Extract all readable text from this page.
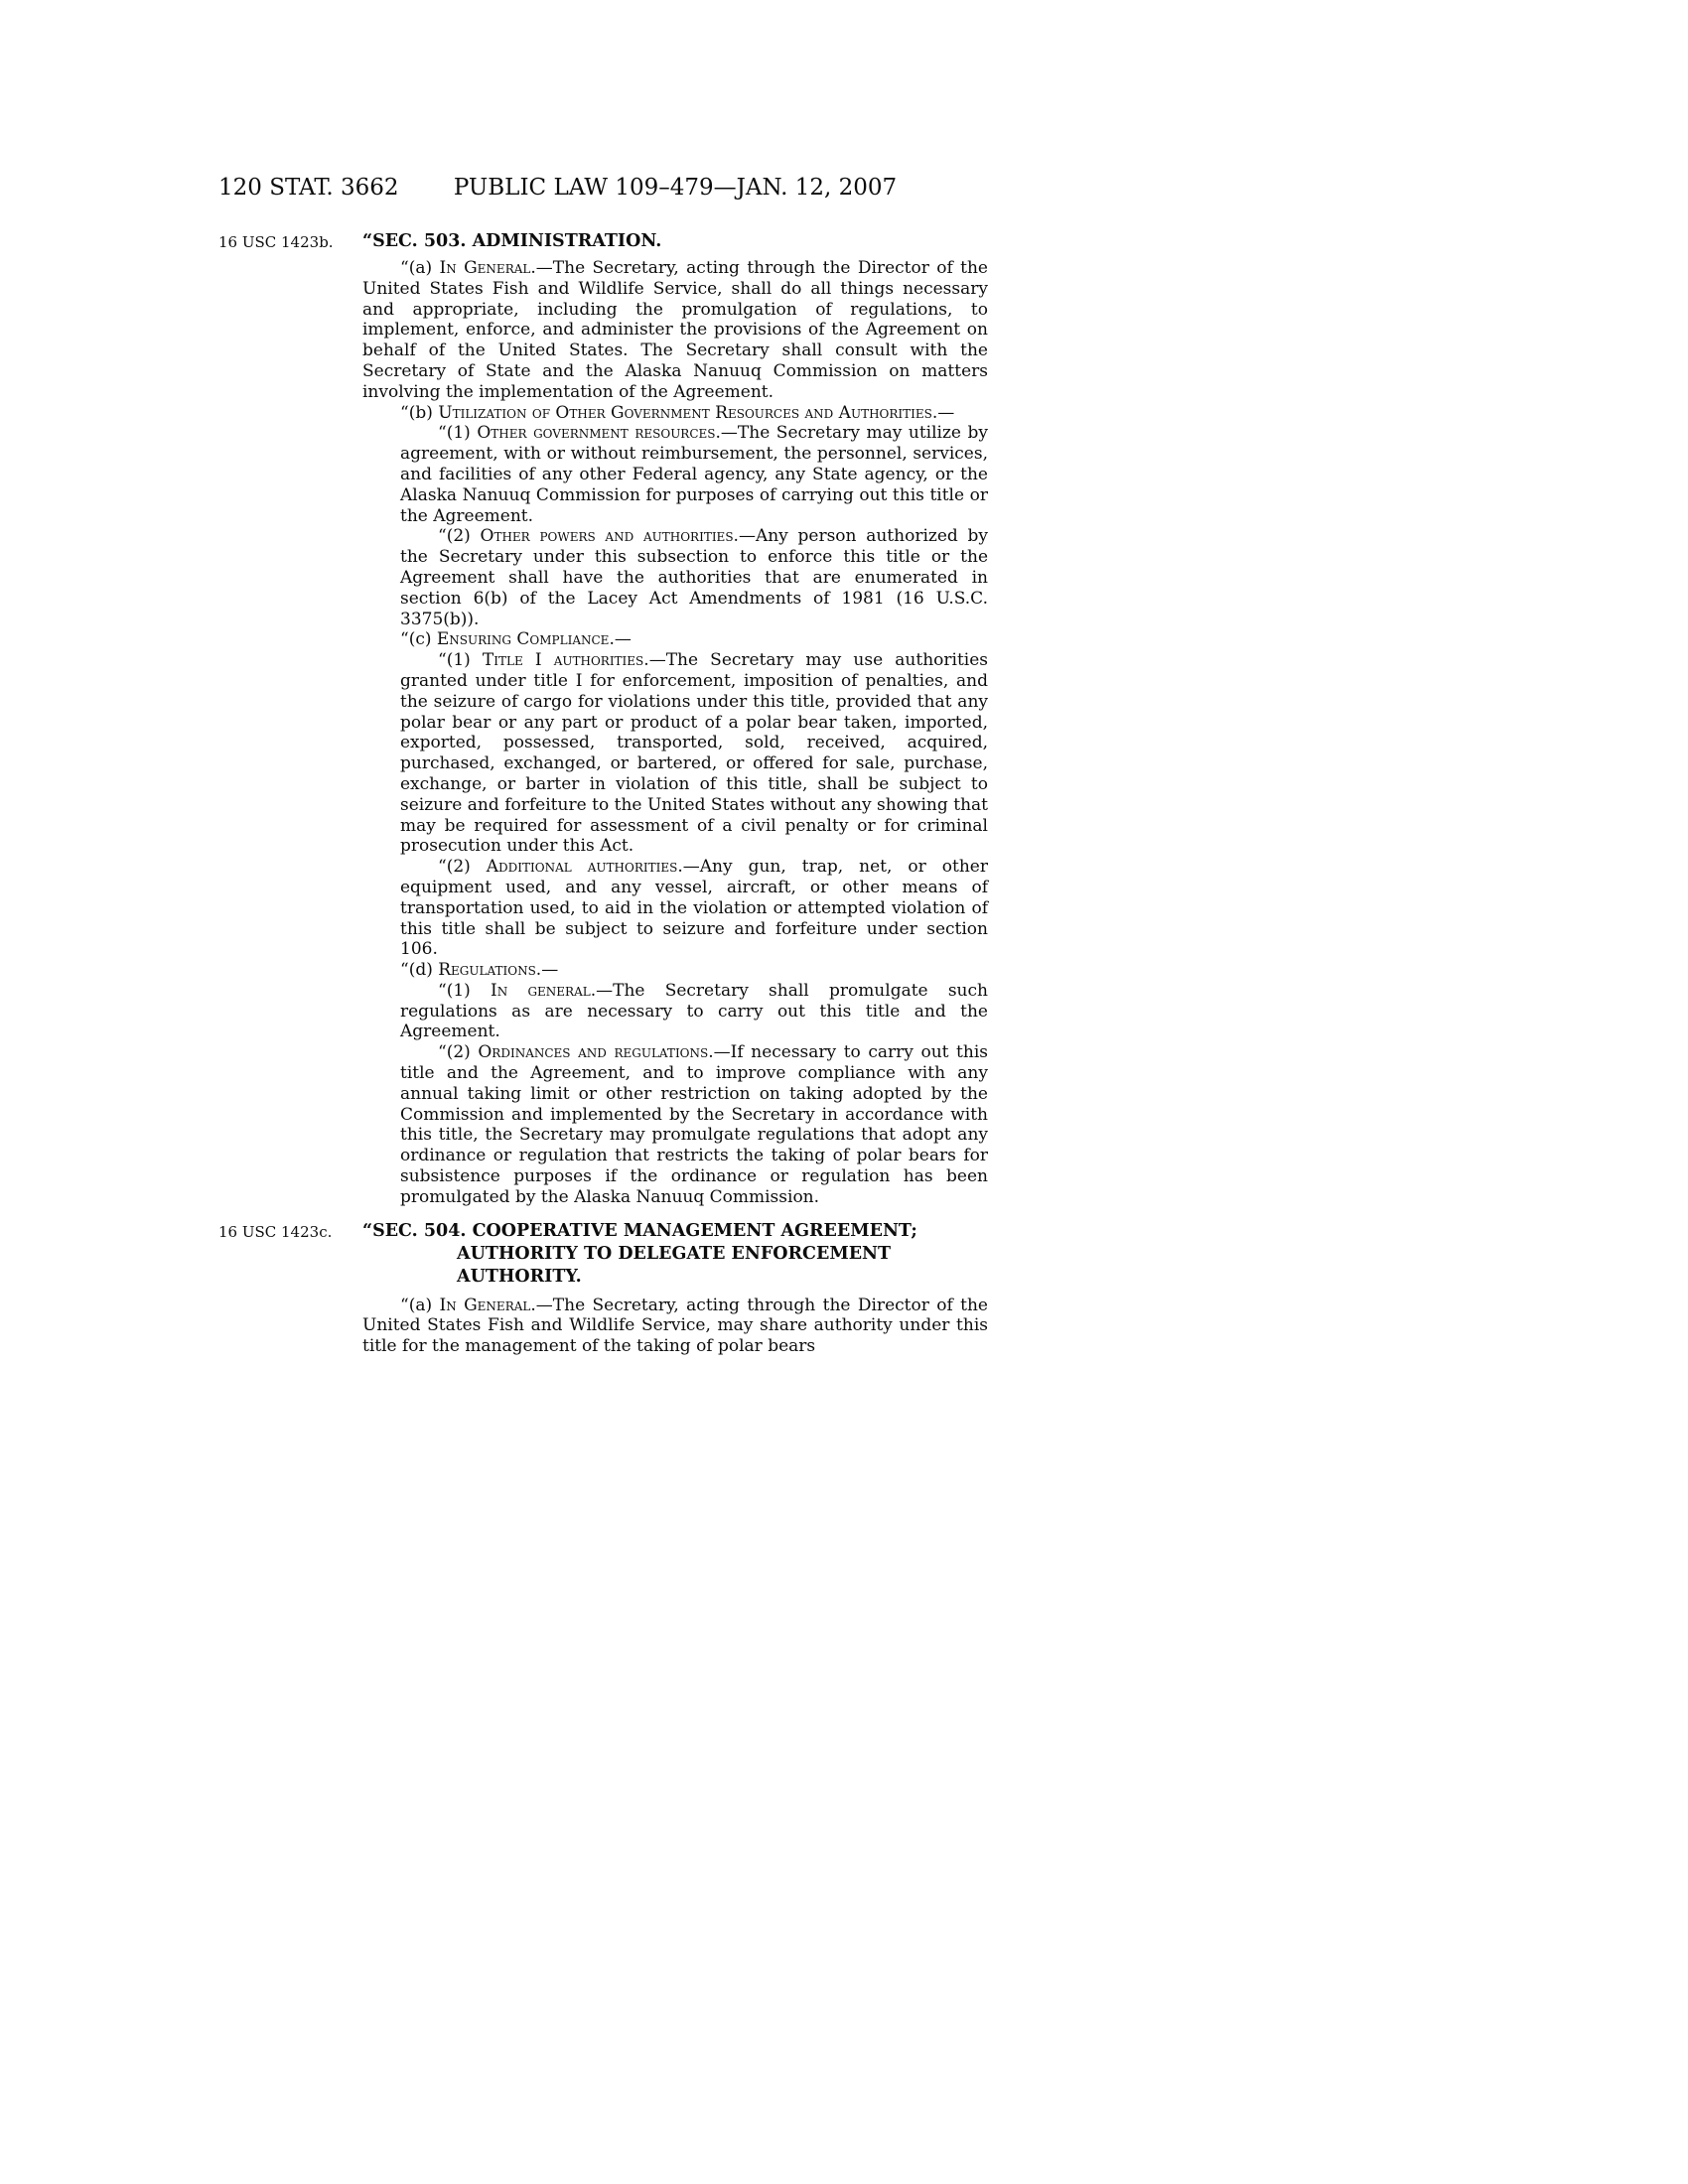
120 STAT. 3662	PUBLIC LAW 109–479—JAN. 12, 2007
16 USC 1423b.	“SEC. 503. ADMINISTRATION.

“(a) In General.—The Secretary, acting through the Director of the United States Fish and Wildlife Service, shall do all things necessary and appropriate, including the promulgation of regulations, to implement, enforce, and administer the provisions of the Agreement on behalf of the United States. The Secretary shall consult with the Secretary of State and the Alaska Nanuuq Commission on matters involving the implementation of the Agreement.

“(b) Utilization of Other Government Resources and Authorities.—

“(1) Other government resources.—The Secretary may utilize by agreement, with or without reimbursement, the personnel, services, and facilities of any other Federal agency, any State agency, or the Alaska Nanuuq Commission for purposes of carrying out this title or the Agreement.

“(2) Other powers and authorities.—Any person authorized by the Secretary under this subsection to enforce this title or the Agreement shall have the authorities that are enumerated in section 6(b) of the Lacey Act Amendments of 1981 (16 U.S.C. 3375(b)).

“(c) Ensuring Compliance.—

“(1) Title I authorities.—The Secretary may use authorities granted under title I for enforcement, imposition of penalties, and the seizure of cargo for violations under this title, provided that any polar bear or any part or product of a polar bear taken, imported, exported, possessed, transported, sold, received, acquired, purchased, exchanged, or bartered, or offered for sale, purchase, exchange, or barter in violation of this title, shall be subject to seizure and forfeiture to the United States without any showing that may be required for assessment of a civil penalty or for criminal prosecution under this Act.

“(2) Additional authorities.—Any gun, trap, net, or other equipment used, and any vessel, aircraft, or other means of transportation used, to aid in the violation or attempted violation of this title shall be subject to seizure and forfeiture under section 106.

“(d) Regulations.—

“(1) In general.—The Secretary shall promulgate such regulations as are necessary to carry out this title and the Agreement.

“(2) Ordinances and regulations.—If necessary to carry out this title and the Agreement, and to improve compliance with any annual taking limit or other restriction on taking adopted by the Commission and implemented by the Secretary in accordance with this title, the Secretary may promulgate regulations that adopt any ordinance or regulation that restricts the taking of polar bears for subsistence purposes if the ordinance or regulation has been promulgated by the Alaska Nanuuq Commission.

16 USC 1423c.	“SEC. 504. COOPERATIVE MANAGEMENT AGREEMENT; AUTHORITY TO DELEGATE ENFORCEMENT AUTHORITY.

“(a) In General.—The Secretary, acting through the Director of the United States Fish and Wildlife Service, may share authority under this title for the management of the taking of polar bears
